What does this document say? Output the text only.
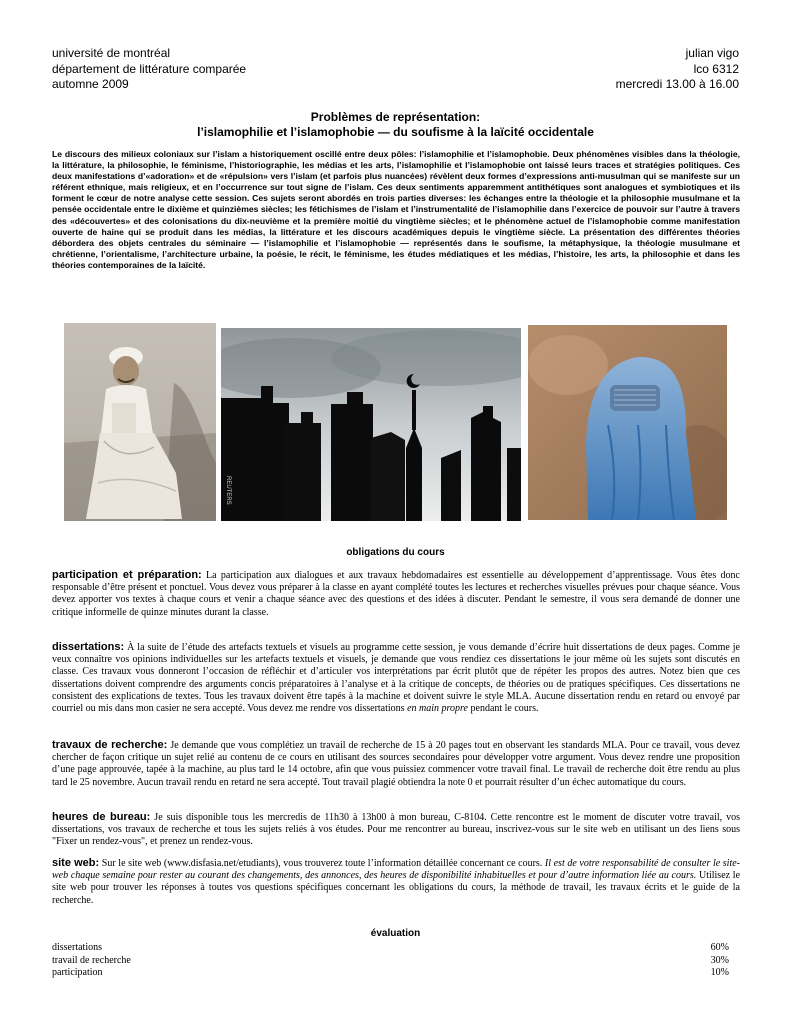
université de montréal
département de littérature comparée
automne 2009
julian vigo
lco 6312
mercredi 13.00 à 16.00
Problèmes de représentation:
l’islamophilie et l’islamophobie — du soufisme à la laïcité occidentale
Le discours des milieux coloniaux sur l’islam a historiquement oscillé entre deux pôles: l’islamophilie et l’islamophobie. Deux phénomènes visibles dans la théologie, la littérature, la philosophie, le féminisme, l’historiographie, les médias et les arts, l’islamophilie et l’islamophobie ont laissé leurs traces et stratégies politiques. Ces deux manifestations d’«adoration» et de «répulsion» vers l’islam (et parfois plus nuancées) révèlent deux formes d’expressions anti-musulman qui se manifeste sur un référent ethnique, mais religieux, et en l’occurrence sur tout signe de l’islam. Ces deux sentiments apparemment antithétiques sont analogues et symbiotiques et ils forment le cœur de notre analyse cette session. Ces sujets seront abordés en trois parties diverses: les échanges entre la théologie et la philosophie musulmane et la pensée occidentale entre le dixième et quinzièmes siècles; les fétichismes de l’islam et l’instrumentalité de l’islamophilie dans l’exercice de pouvoir sur l’autre à travers des «découvertes» et des colonisations du dix-neuvième et la première moitié du vingtième siècles; et le phénomène actuel de l’islamophobie comme manifestation ouverte de haine qui se produit dans les médias, la littérature et les discours académiques depuis le vingtième siècle. La présentation des différentes théories débordera des objets centrales du séminaire — l’islamophilie et l’islamophobie — représentés dans le soufisme, la métaphysique, la théologie musulmane et chrétienne, l’orientalisme, l’architecture urbaine, la poésie, le récit, le féminisme, les études médiatiques et les médias, l’histoire, les arts, la philosophie et dans les théories contemporaines de la laïcité.
REUTERS
obligations du cours
participation et préparation: La participation aux dialogues et aux travaux hebdomadaires est essentielle au développement d’apprentissage. Vous êtes donc responsable d’être présent et ponctuel. Vous devez vous préparer à la classe en ayant complété toutes les lectures et recherches visuelles prévues pour chaque séance. Vous devez apporter vos textes à chaque cours et venir a chaque séance avec des questions et des idées à discuter. Pendant le semestre, il vous sera demandé de donner une critique informelle de quinze minutes durant la classe.
dissertations: À la suite de l’étude des artefacts textuels et visuels au programme cette session, je vous demande d’écrire huit dissertations de deux pages. Comme je veux connaître vos opinions individuelles sur les artefacts textuels et visuels, je demande que vous rendiez ces dissertations le jour même où les sujets sont discutés en classe. Ces travaux vous donneront l’occasion de réfléchir et d’articuler vos interprétations par écrit plutôt que de répéter les propos des autres. Notez bien que ces dissertations doivent comprendre des arguments concis préparatoires à l’analyse et à la critique de concepts, de théories ou de pratiques spécifiques. Ces dissertations ne consistent des explications de textes. Tous les travaux doivent être tapés à la machine et doivent suivre le style MLA. Aucune dissertation rendu en retard ou envoyé par courriel ou mis dans mon casier ne sera accepté. Vous devez me rendre vos dissertations en main propre pendant le cours.
travaux de recherche: Je demande que vous complétiez un travail de recherche de 15 à 20 pages tout en observant les standards MLA. Pour ce travail, vous devez chercher de façon critique un sujet relié au contenu de ce cours en utilisant des sources secondaires pour développer votre argument. Vous devez rendre une proposition d’une page approuvée, tapée à la machine, au plus tard le 14 octobre, afin que vous puissiez commencer votre travail final. Le travail de recherche doit être rendu au plus tard le 25 novembre. Aucun travail rendu en retard ne sera accepté. Tout travail plagié obtiendra la note 0 et pourrait résulter d’un échec automatique du cours.
heures de bureau: Je suis disponible tous les mercredis de 11h30 à 13h00 à mon bureau, C-8104. Cette rencontre est le moment de discuter votre travail, vos dissertations, vos travaux de recherche et tous les sujets reliés à vos études. Pour me rencontrer au bureau, inscrivez-vous sur le site web en utilisant un des liens sous "Fixer un rendez-vous", et prenez un rendez-vous.
site web: Sur le site web (www.disfasia.net/etudiants), vous trouverez toute l’information détaillée concernant ce cours. Il est de votre responsabilité de consulter le site-web chaque semaine pour rester au courant des changements, des annonces, des heures de disponibilité inhabituelles et pour d’autre information liée au cours. Utilisez le site web pour trouver les réponses à toutes vos questions spécifiques concernant les obligations du cours, la méthode de travail, les travaux écrits et le guide de la recherche.
évaluation
dissertations	60%
travail de recherche	30%
participation	10%
